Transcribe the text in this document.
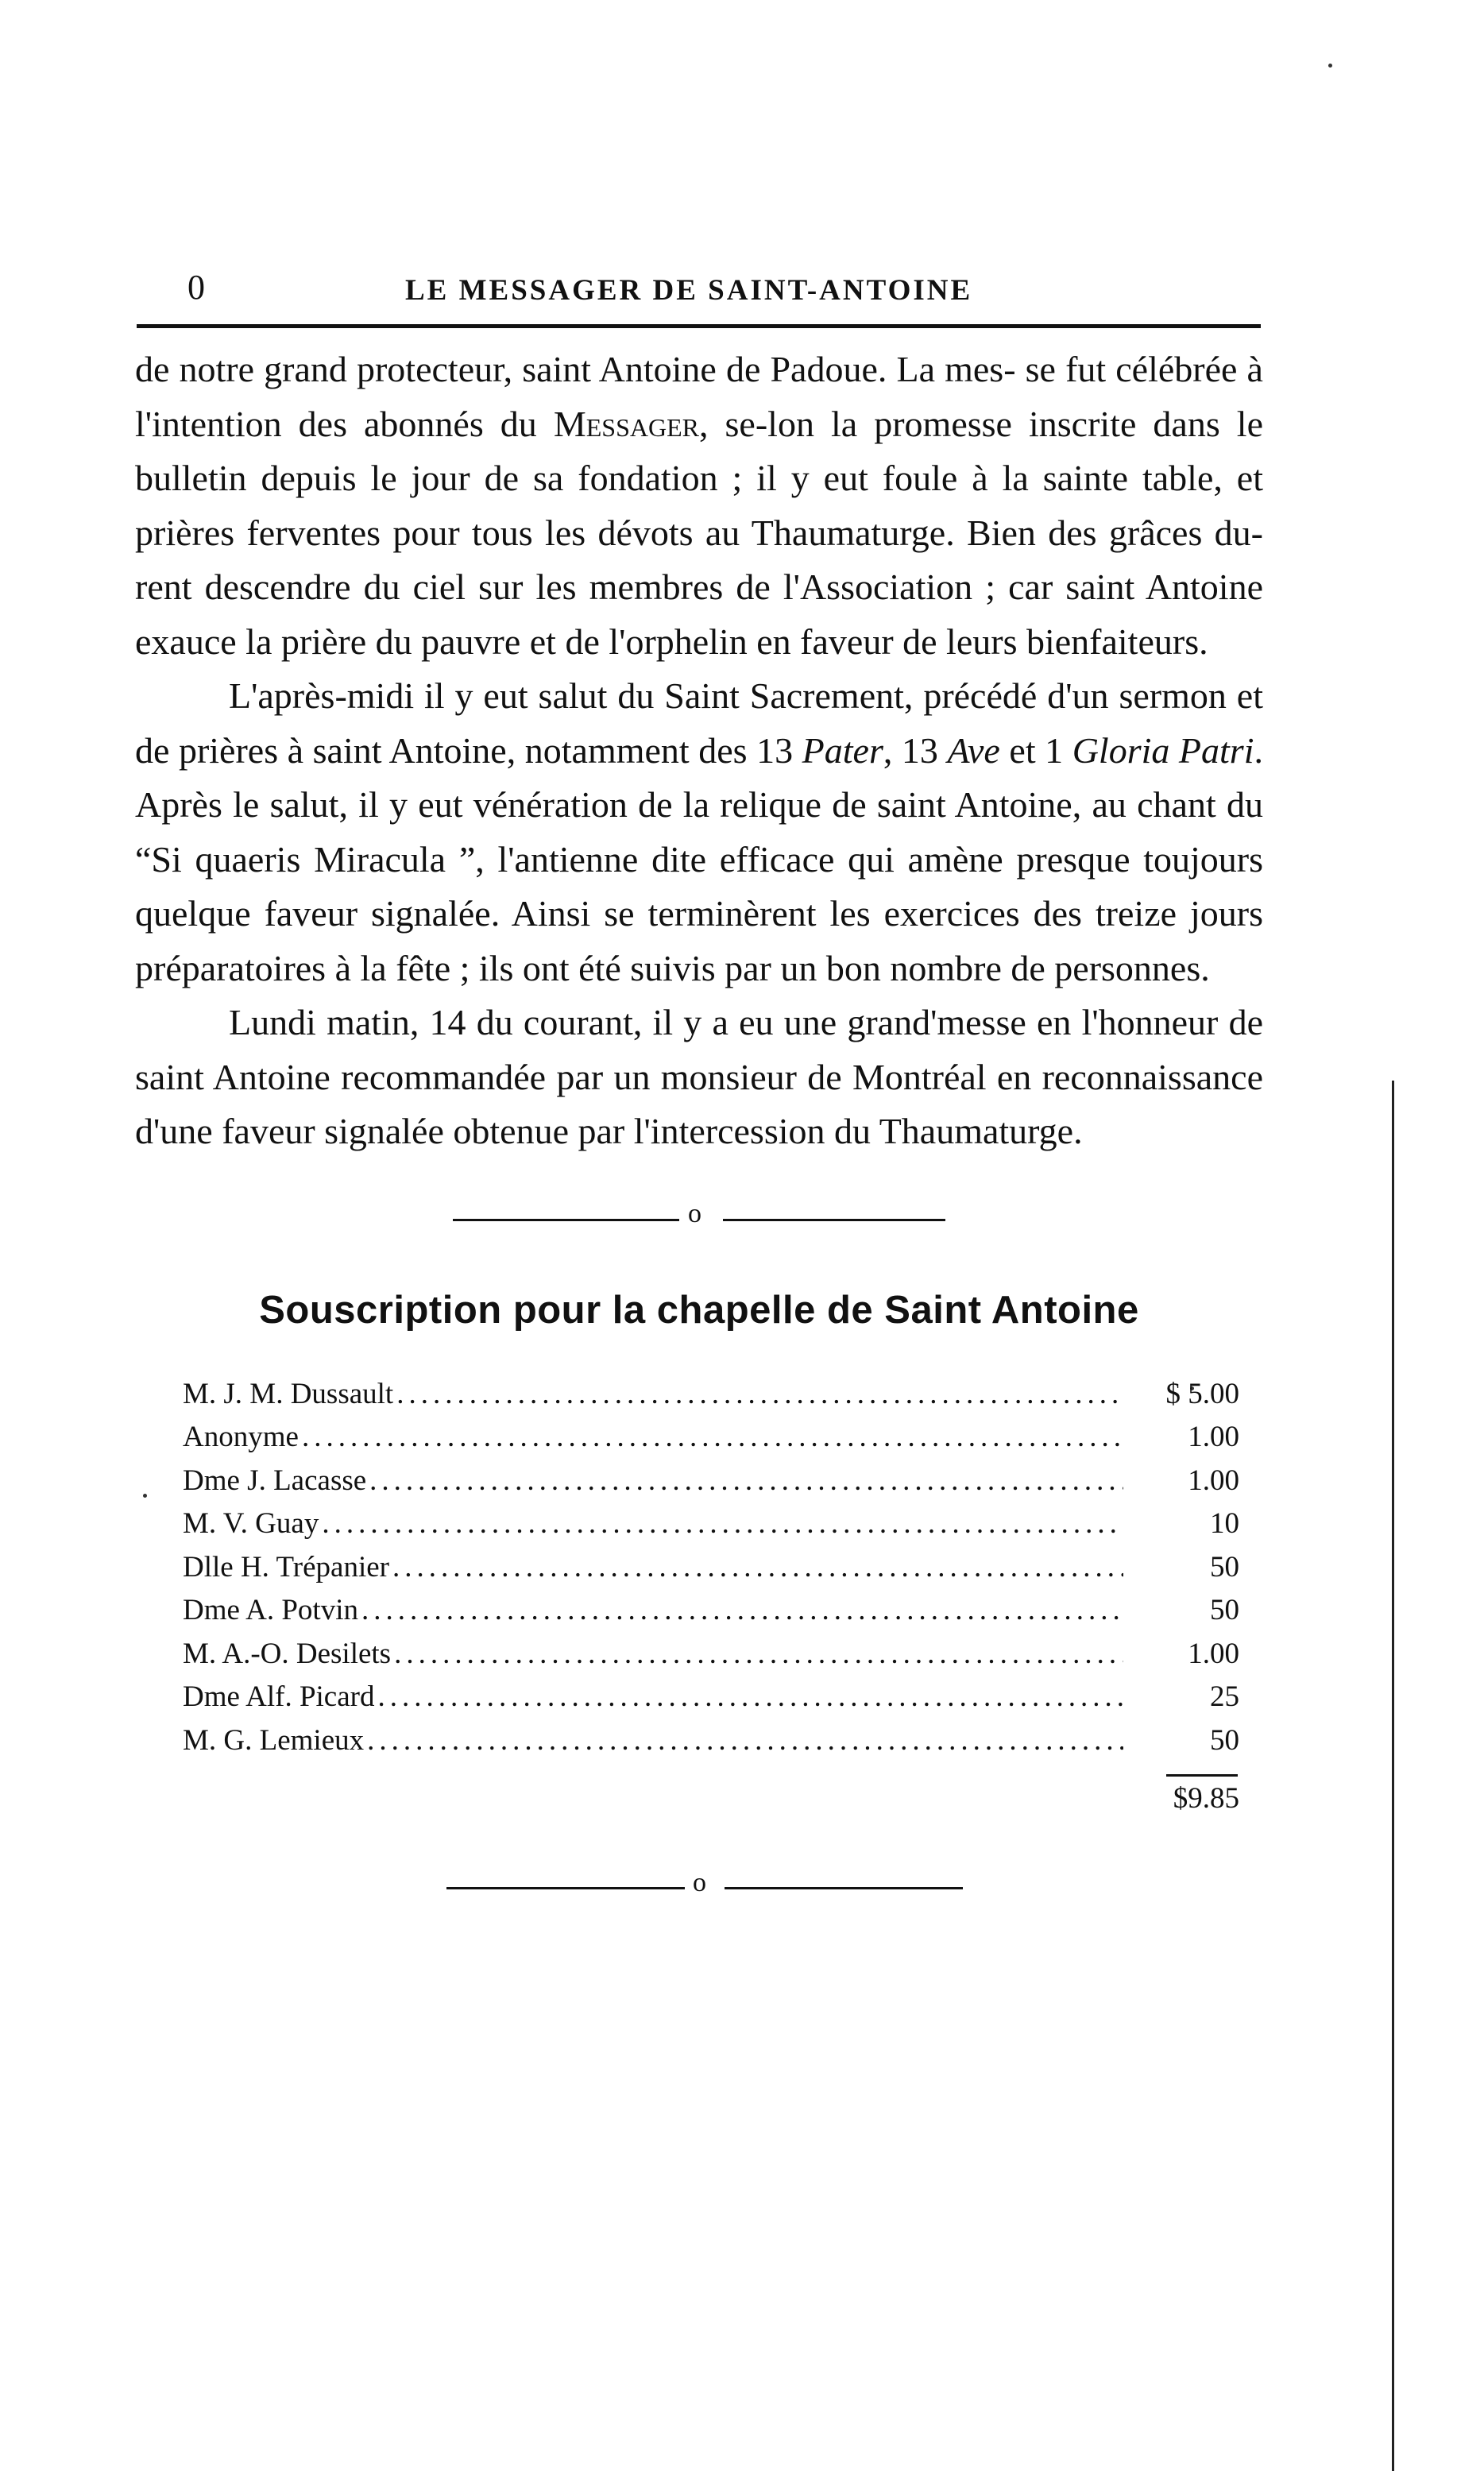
0	LE MESSAGER DE SAINT-ANTOINE

de notre grand protecteur, saint Antoine de Padoue. La mes- se fut célébrée à l'intention des abonnés du Messager, se-lon la promesse inscrite dans le bulletin depuis le jour de sa fondation ; il y eut foule à la sainte table, et prières ferventes pour tous les dévots au Thaumaturge. Bien des grâces du-rent descendre du ciel sur les membres de l'Association ; car saint Antoine exauce la prière du pauvre et de l'orphelin en faveur de leurs bienfaiteurs.

L'après-midi il y eut salut du Saint Sacrement, précédé d'un sermon et de prières à saint Antoine, notamment des 13 Pater, 13 Ave et 1 Gloria Patri. Après le salut, il y eut vénération de la relique de saint Antoine, au chant du “Si quaeris Miracula ”, l'antienne dite efficace qui amène presque toujours quelque faveur signalée. Ainsi se terminèrent les exercices des treize jours préparatoires à la fête ; ils ont été suivis par un bon nombre de personnes.

Lundi matin, 14 du courant, il y a eu une grand'messe en l'honneur de saint Antoine recommandée par un monsieur de Montréal en reconnaissance d'une faveur signalée obtenue par l'intercession du Thaumaturge.

o
Souscription pour la chapelle de Saint Antoine
M. J. M. Dussault .....	$ 5.00
Anonyme .....	1.00
Dme J. Lacasse .....	1.00
M. V. Guay .....	10
Dlle H. Trépanier .....	50
Dme A. Potvin .....	50
M. A.-O. Desilets .....	1.00
Dme Alf. Picard .....	25
M. G. Lemieux .....	50
$9.85
o
